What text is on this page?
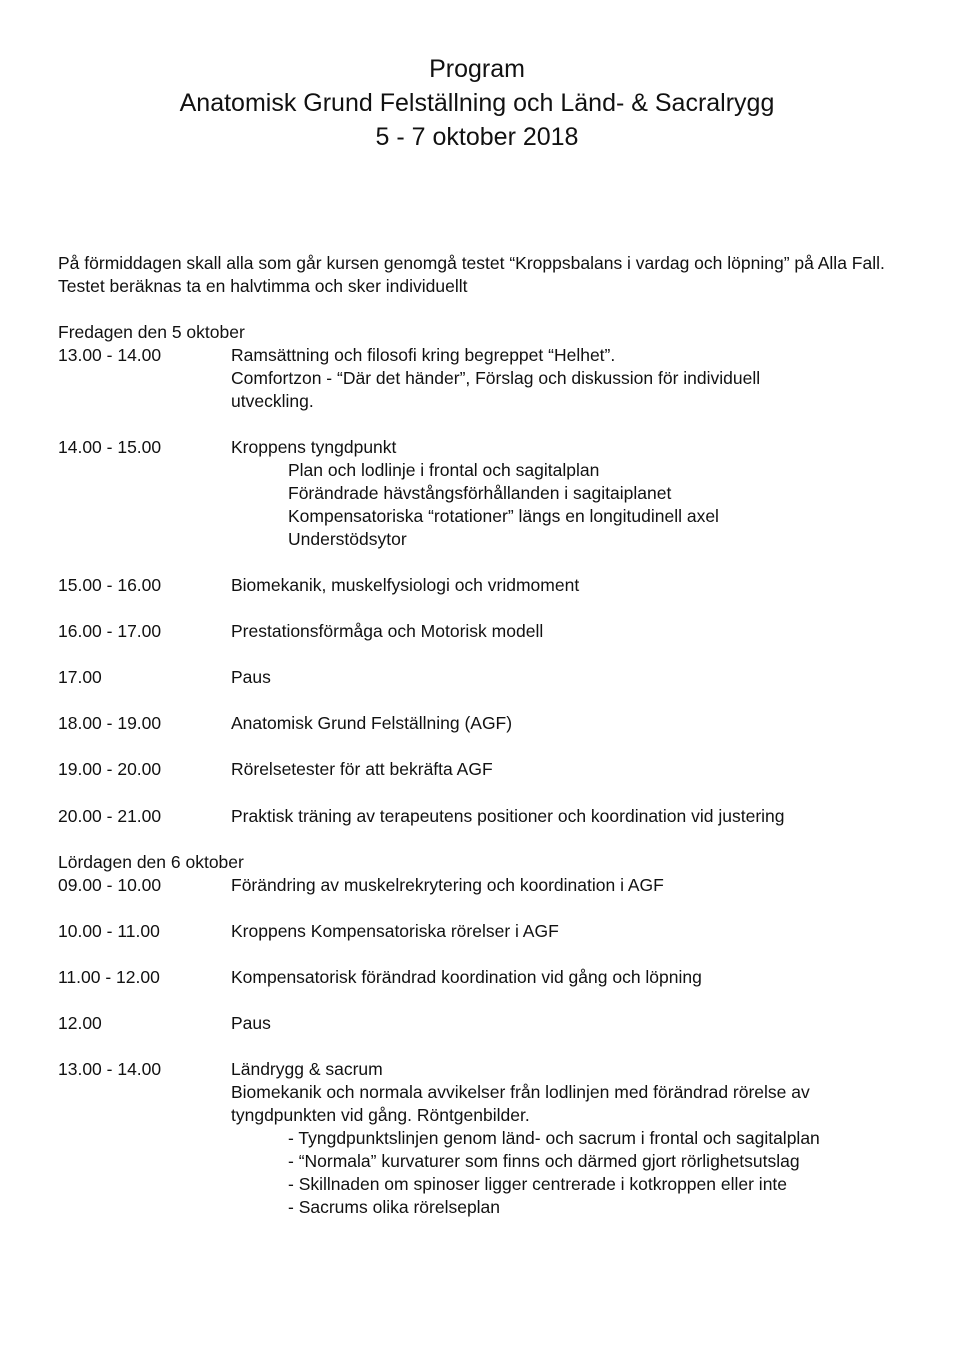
Program
Anatomisk Grund Felställning och Länd- & Sacralrygg
5 - 7 oktober 2018
På förmiddagen skall alla som går kursen genomgå testet “Kroppsbalans i vardag och löpning” på Alla Fall. Testet beräknas ta en halvtimma och sker individuellt
Fredagen den 5 oktober
13.00 - 14.00	Ramsättning och filosofi kring begreppet “Helhet”.
Comfortzon - “Där det händer”, Förslag och diskussion för individuell utveckling.
14.00 - 15.00	Kroppens tyngdpunkt
Plan och lodlinje i frontal och sagitalplan
Förändrade hävstångsförhållanden i sagitaiplanet
Kompensatoriska “rotationer” längs en longitudinell axel
Understödsytor
15.00 - 16.00	Biomekanik, muskelfysiologi och vridmoment
16.00 - 17.00	Prestationsförmåga och Motorisk modell
17.00	Paus
18.00 - 19.00	Anatomisk Grund Felställning (AGF)
19.00 - 20.00	Rörelsetester för att bekräfta AGF
20.00 - 21.00	Praktisk träning av terapeutens positioner och koordination vid justering
Lördagen den 6 oktober
09.00 - 10.00	Förändring av muskelrekrytering och koordination i AGF
10.00 - 11.00	Kroppens Kompensatoriska rörelser i AGF
11.00 - 12.00	Kompensatorisk förändrad koordination vid gång och löpning
12.00	Paus
13.00 - 14.00	Ländrygg & sacrum
Biomekanik och normala avvikelser från lodlinjen med förändrad rörelse av tyngdpunkten vid gång. Röntgenbilder.
- Tyngdpunktslinjen genom länd- och sacrum i frontal och sagitalplan
- “Normala” kurvaturer som finns och därmed gjort rörlighetsutslag
- Skillnaden om spinoser ligger centrerade i kotkroppen eller inte
- Sacrums olika rörelseplan
